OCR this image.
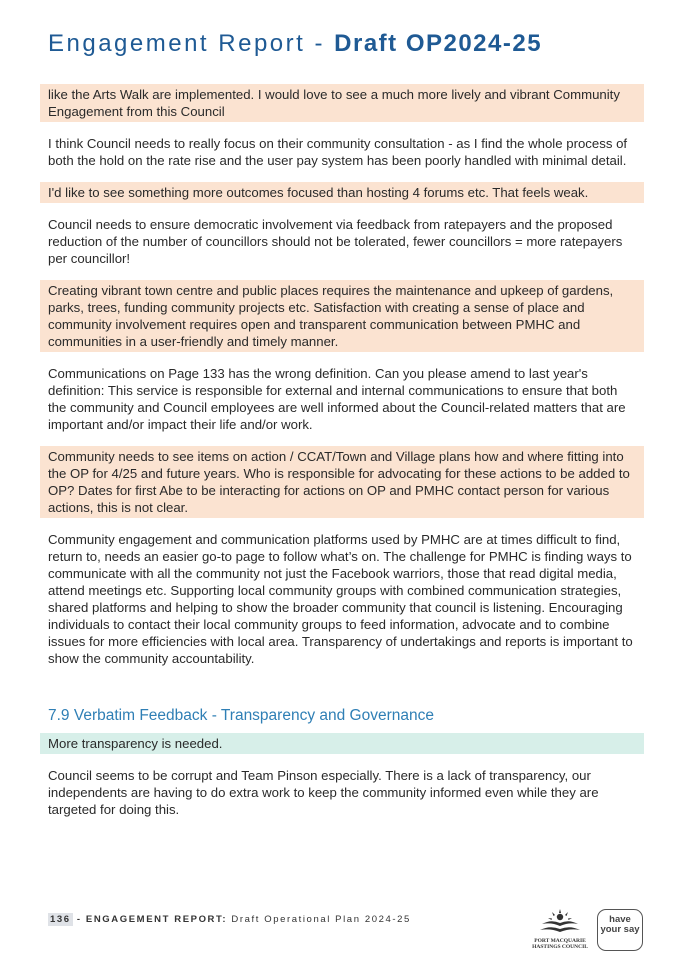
Engagement Report - Draft OP2024-25

like the Arts Walk are implemented. I would love to see a much more lively and vibrant Community Engagement from this Council

I think Council needs to really focus on their community consultation - as I find the whole process of both the hold on the rate rise and the user pay system has been poorly handled with minimal detail.

I'd like to see something more outcomes focused than hosting 4 forums etc. That feels weak.

Council needs to ensure democratic involvement via feedback from ratepayers and the proposed reduction of the number of councillors should not be tolerated, fewer councillors = more ratepayers per councillor!

Creating vibrant town centre and public places requires the maintenance and upkeep of gardens, parks, trees, funding community projects etc. Satisfaction with creating a sense of place and community involvement requires open and transparent communication between PMHC and communities in a user-friendly and timely manner.

Communications on Page 133 has the wrong definition. Can you please amend to last year's definition: This service is responsible for external and internal communications to ensure that both the community and Council employees are well informed about the Council-related matters that are important and/or impact their life and/or work.

Community needs to see items on action / CCAT/Town and Village plans how and where fitting into the OP for 4/25 and future years. Who is responsible for advocating for these actions to be added to OP? Dates for first Abe to be interacting for actions on OP and PMHC contact person for various actions, this is not clear.

Community engagement and communication platforms used by PMHC are at times difficult to find, return to, needs an easier go-to page to follow what’s on. The challenge for PMHC is finding ways to communicate with all the community not just the Facebook warriors, those that read digital media, attend meetings etc. Supporting local community groups with combined communication strategies, shared platforms and helping to show the broader community that council is listening. Encouraging individuals to contact their local community groups to feed information, advocate and to combine issues for more efficiencies with local area. Transparency of undertakings and reports is important to show the community accountability.

7.9 Verbatim Feedback - Transparency and Governance

More transparency is needed.

Council seems to be corrupt and Team Pinson especially. There is a lack of transparency, our independents are having to do extra work to keep the community informed even while they are targeted for doing this.

136 - ENGAGEMENT REPORT: Draft Operational Plan 2024-25
PORT MACQUARIE
HASTINGS COUNCIL
have
your say
